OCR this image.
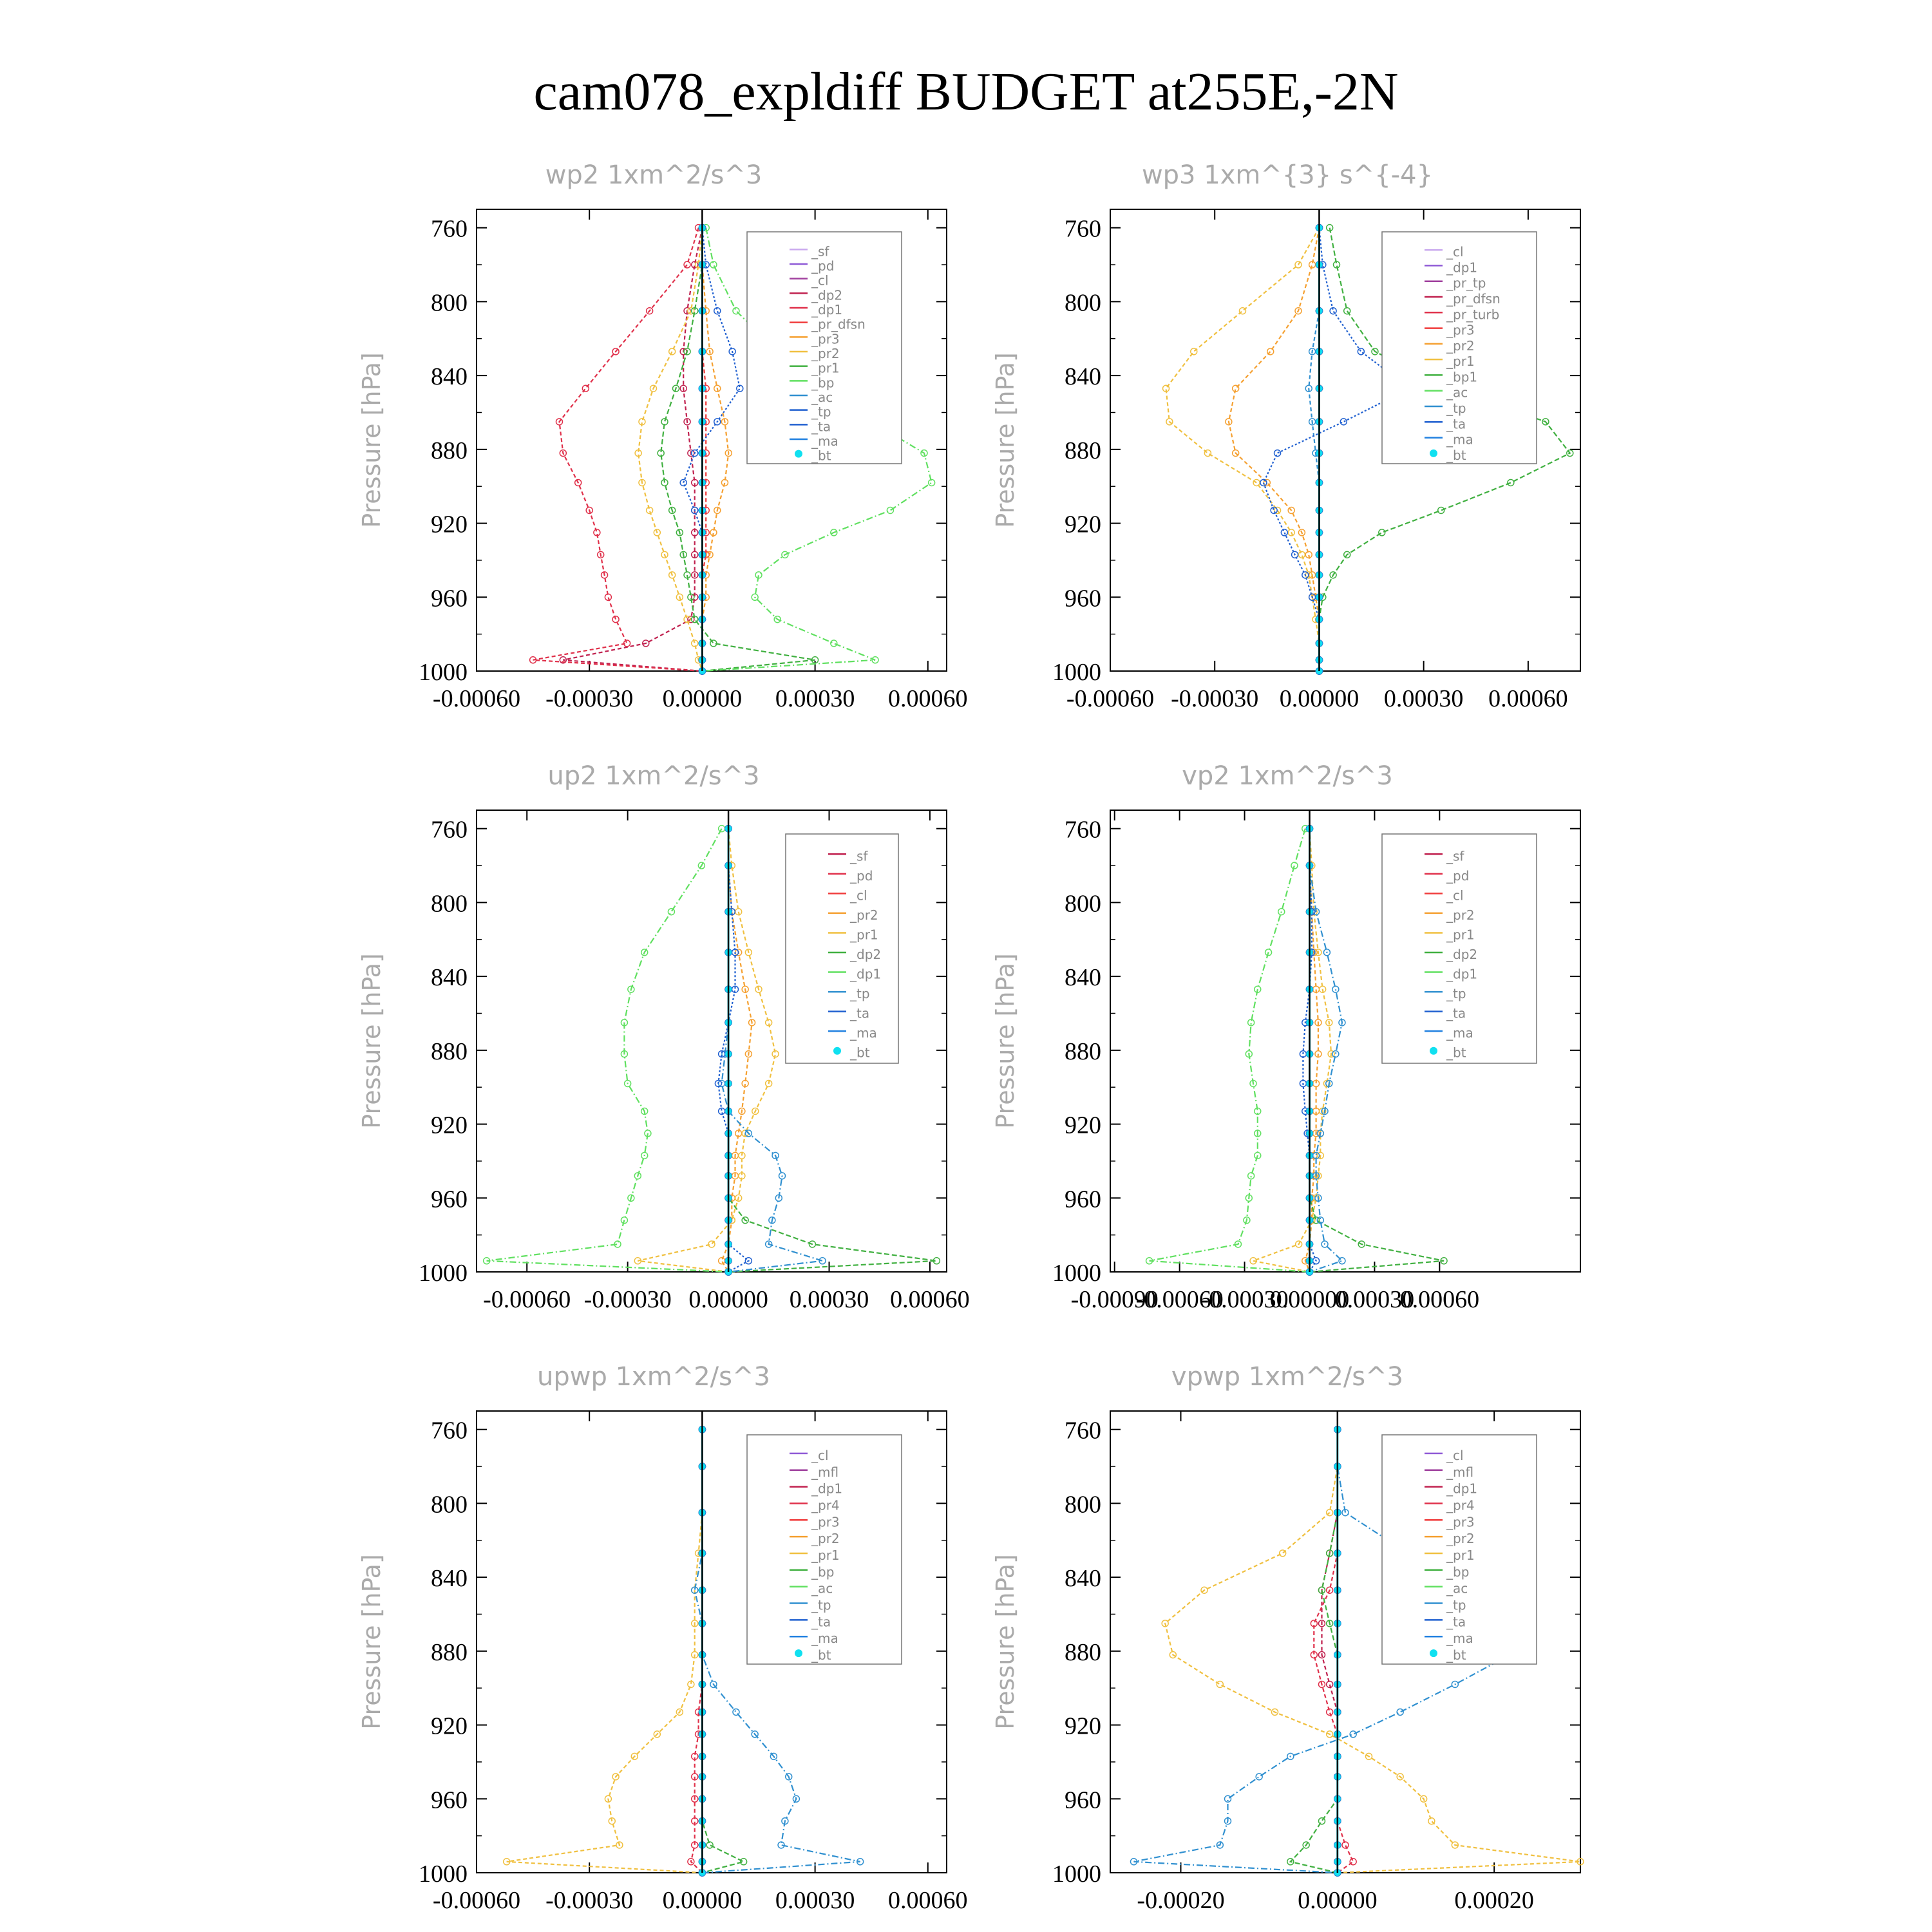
cam078_expldiff BUDGET at255E,-2N
wp2 1xm^2/s^3
Pressure [hPa]
760
800
840
880
920
960
1000
-0.00060 -0.00030 0.00000 0.00030 0.00060
_sf
_pd
_cl
_dp2
_dp1
_pr_dfsn
_pr3
_pr2
_pr1
_bp
_ac
_tp
_ta
_ma
_bt
wp3 1xm^{3} s^{-4}
Pressure [hPa]
760
800
840
880
920
960
1000
-0.00060 -0.00030 0.00000 0.00030 0.00060
_cl
_dp1
_pr_tp
_pr_dfsn
_pr_turb
_pr3
_pr2
_pr1
_bp1
_ac
_tp
_ta
_ma
_bt
up2 1xm^2/s^3
Pressure [hPa]
760
800
840
880
920
960
1000
-0.00060 -0.00030 0.00000 0.00030 0.00060
_sf
_pd
_cl
_pr2
_pr1
_dp2
_dp1
_tp
_ta
_ma
_bt
vp2 1xm^2/s^3
Pressure [hPa]
760
800
840
880
920
960
1000
-0.00090
-0.00060
-0.00030
0.00000
0.00030
0.00060
_sf
_pd
_cl
_pr2
_pr1
_dp2
_dp1
_tp
_ta
_ma
_bt
upwp 1xm^2/s^3
Pressure [hPa]
760
800
840
880
920
960
1000
-0.00060 -0.00030 0.00000 0.00030 0.00060
_cl
_mfl
_dp1
_pr4
_pr3
_pr2
_pr1
_bp
_ac
_tp
_ta
_ma
_bt
vpwp 1xm^2/s^3
Pressure [hPa]
760
800
840
880
920
960
1000
-0.00020	0.00000	0.00020
_cl
_mfl
_dp1
_pr4
_pr3
_pr2
_pr1
_bp
_ac
_tp
_ta
_ma
_bt
